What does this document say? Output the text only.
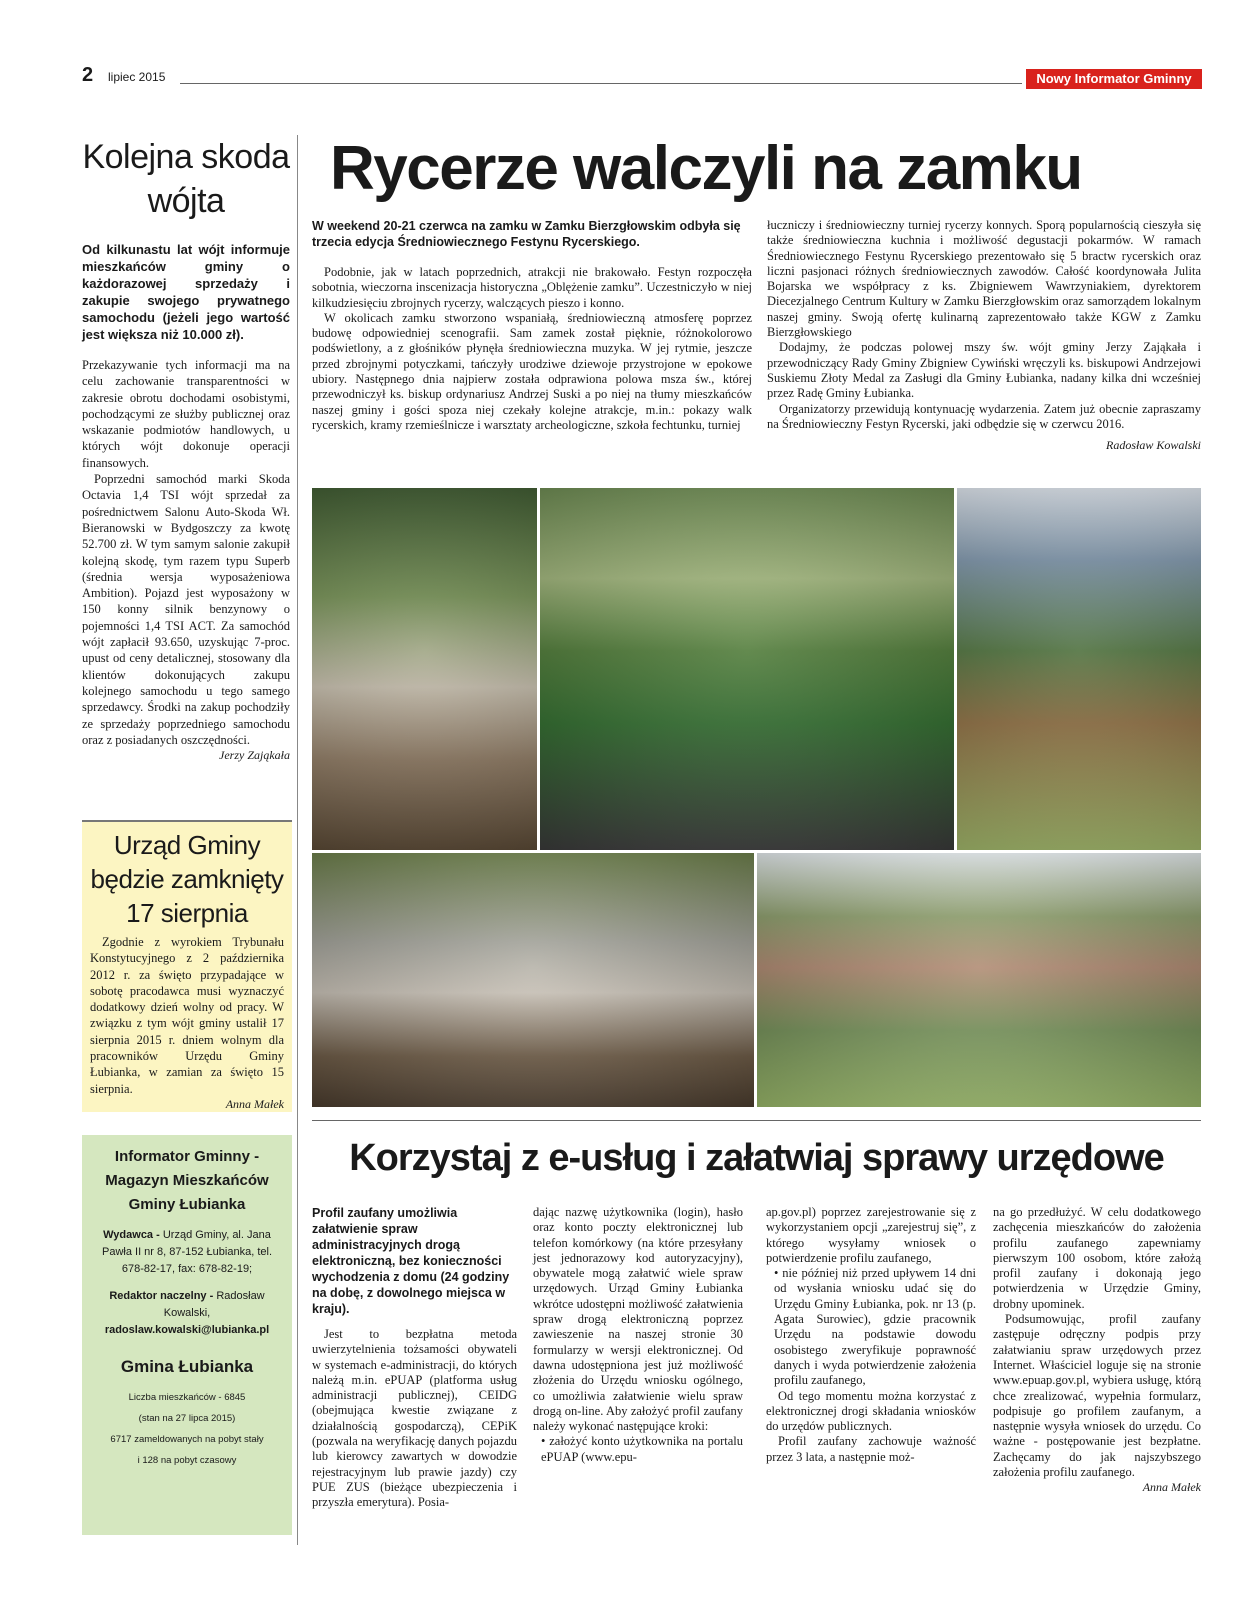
2 lipiec 2015	Nowy Informator Gminny
Kolejna skoda wójta
Od kilkunastu lat wójt informuje mieszkańców gminy o każdorazowej sprzedaży i zakupie swojego prywatnego samochodu (jeżeli jego wartość jest większa niż 10.000 zł).

Przekazywanie tych informacji ma na celu zachowanie transparentności w zakresie obrotu dochodami osobistymi, pochodzącymi ze służby publicznej oraz wskazanie podmiotów handlowych, u których wójt dokonuje operacji finansowych.

Poprzedni samochód marki Skoda Octavia 1,4 TSI wójt sprzedał za pośrednictwem Salonu Auto-Skoda Wł. Bieranowski w Bydgoszczy za kwotę 52.700 zł. W tym samym salonie zakupił kolejną skodę, tym razem typu Superb (średnia wersja wyposażeniowa Ambition). Pojazd jest wyposażony w 150 konny silnik benzynowy o pojemności 1,4 TSI ACT. Za samochód wójt zapłacił 93.650, uzyskując 7-proc. upust od ceny detalicznej, stosowany dla klientów dokonujących zakupu kolejnego samochodu u tego samego sprzedawcy. Środki na zakup pochodziły ze sprzedaży poprzedniego samochodu oraz z posiadanych oszczędności.

Jerzy Zająkała
Urząd Gminy będzie zamknięty 17 sierpnia

Zgodnie z wyrokiem Trybunału Konstytucyjnego z 2 października 2012 r. za święto przypadające w sobotę pracodawca musi wyznaczyć dodatkowy dzień wolny od pracy. W związku z tym wójt gminy ustalił 17 sierpnia 2015 r. dniem wolnym dla pracowników Urzędu Gminy Łubianka, w zamian za święto 15 sierpnia.

Anna Małek
Informator Gminny - Magazyn Mieszkańców Gminy Łubianka
Wydawca - Urząd Gminy, al. Jana Pawła II nr 8, 87-152 Łubianka, tel. 678-82-17, fax: 678-82-19;
Redaktor naczelny - Radosław Kowalski,
radoslaw.kowalski@lubianka.pl
Gmina Łubianka
Liczba mieszkańców - 6845
(stan na 27 lipca 2015)
6717 zameldowanych na pobyt stały
i 128 na pobyt czasowy
Rycerze walczyli na zamku
W weekend 20-21 czerwca na zamku w Zamku Bierzgłowskim odbyła się trzecia edycja Średniowiecznego Festynu Rycerskiego.

Podobnie, jak w latach poprzednich, atrakcji nie brakowało. Festyn rozpoczęła sobotnia, wieczorna inscenizacja historyczna „Oblężenie zamku”. Uczestniczyło w niej kilkudziesięciu zbrojnych rycerzy, walczących pieszo i konno.

W okolicach zamku stworzono wspaniałą, średniowieczną atmosferę poprzez budowę odpowiedniej scenografii. Sam zamek został pięknie, różnokolorowo podświetlony, a z głośników płynęła średniowieczna muzyka. W jej rytmie, jeszcze przed zbrojnymi potyczkami, tańczyły urodziwe dziewoje przystrojone w epokowe ubiory. Następnego dnia najpierw została odprawiona polowa msza św., której przewodniczył ks. biskup ordynariusz Andrzej Suski a po niej na tłumy mieszkańców naszej gminy i gości spoza niej czekały kolejne atrakcje, m.in.: pokazy walk rycerskich, kramy rzemieślnicze i warsztaty archeologiczne, szkoła fechtunku, turniej

łuczniczy i średniowieczny turniej rycerzy konnych. Sporą popularnością cieszyła się także średniowieczna kuchnia i możliwość degustacji pokarmów. W ramach Średniowiecznego Festynu Rycerskiego prezentowało się 5 bractw rycerskich oraz liczni pasjonaci różnych średniowiecznych zawodów. Całość koordynowała Julita Bojarska we współpracy z ks. Zbigniewem Wawrzyniakiem, dyrektorem Diecezjalnego Centrum Kultury w Zamku Bierzgłowskim oraz samorządem lokalnym naszej gminy. Swoją ofertę kulinarną zaprezentowało także KGW z Zamku Bierzgłowskiego

Dodajmy, że podczas polowej mszy św. wójt gminy Jerzy Zająkała i przewodniczący Rady Gminy Zbigniew Cywiński wręczyli ks. biskupowi Andrzejowi Suskiemu Złoty Medal za Zasługi dla Gminy Łubianka, nadany kilka dni wcześniej przez Radę Gminy Łubianka.

Organizatorzy przewidują kontynuację wydarzenia. Zatem już obecnie zapraszamy na Średniowieczny Festyn Rycerski, jaki odbędzie się w czerwcu 2016.

Radosław Kowalski
Korzystaj z e-usług i załatwiaj sprawy urzędowe
Profil zaufany umożliwia załatwienie spraw administracyjnych drogą elektroniczną, bez konieczności wychodzenia z domu (24 godziny na dobę, z dowolnego miejsca w kraju).

Jest to bezpłatna metoda uwierzytelnienia tożsamości obywateli w systemach e-administracji, do których należą m.in. ePUAP (platforma usług administracji publicznej), CEIDG (obejmująca kwestie związane z działalnością gospodarczą), CEPiK (pozwala na weryfikację danych pojazdu lub kierowcy zawartych w dowodzie rejestracyjnym lub prawie jazdy) czy PUE ZUS (bieżące ubezpieczenia i przyszła emerytura). Posia-

dając nazwę użytkownika (login), hasło oraz konto poczty elektronicznej lub telefon komórkowy (na które przesyłany jest jednorazowy kod autoryzacyjny), obywatele mogą załatwić wiele spraw urzędowych. Urząd Gminy Łubianka wkrótce udostępni możliwość załatwienia spraw drogą elektroniczną poprzez zawieszenie na naszej stronie 30 formularzy w wersji elektronicznej. Od dawna udostępniona jest już możliwość złożenia do Urzędu wniosku ogólnego, co umożliwia załatwienie wielu spraw drogą on-line. Aby założyć profil zaufany należy wykonać następujące kroki:

• założyć konto użytkownika na portalu ePUAP (www.epu-

ap.gov.pl) poprzez zarejestrowanie się z wykorzystaniem opcji „zarejestruj się”, z którego wysyłamy wniosek o potwierdzenie profilu zaufanego,

• nie później niż przed upływem 14 dni od wysłania wniosku udać się do Urzędu Gminy Łubianka, pok. nr 13 (p. Agata Surowiec), gdzie pracownik Urzędu na podstawie dowodu osobistego zweryfikuje poprawność danych i wyda potwierdzenie założenia profilu zaufanego,

Od tego momentu można korzystać z elektronicznej drogi składania wniosków do urzędów publicznych.

Profil zaufany zachowuje ważność przez 3 lata, a następnie moż-

na go przedłużyć. W celu dodatkowego zachęcenia mieszkańców do założenia profilu zaufanego zapewniamy pierwszym 100 osobom, które założą profil zaufany i dokonają jego potwierdzenia w Urzędzie Gminy, drobny upominek.

Podsumowując, profil zaufany zastępuje odręczny podpis przy załatwianiu spraw urzędowych przez Internet. Właściciel loguje się na stronie www.epuap.gov.pl, wybiera usługę, którą chce zrealizować, wypełnia formularz, podpisuje go profilem zaufanym, a następnie wysyła wniosek do urzędu. Co ważne - postępowanie jest bezpłatne. Zachęcamy do jak najszybszego założenia profilu zaufanego.

Anna Małek
